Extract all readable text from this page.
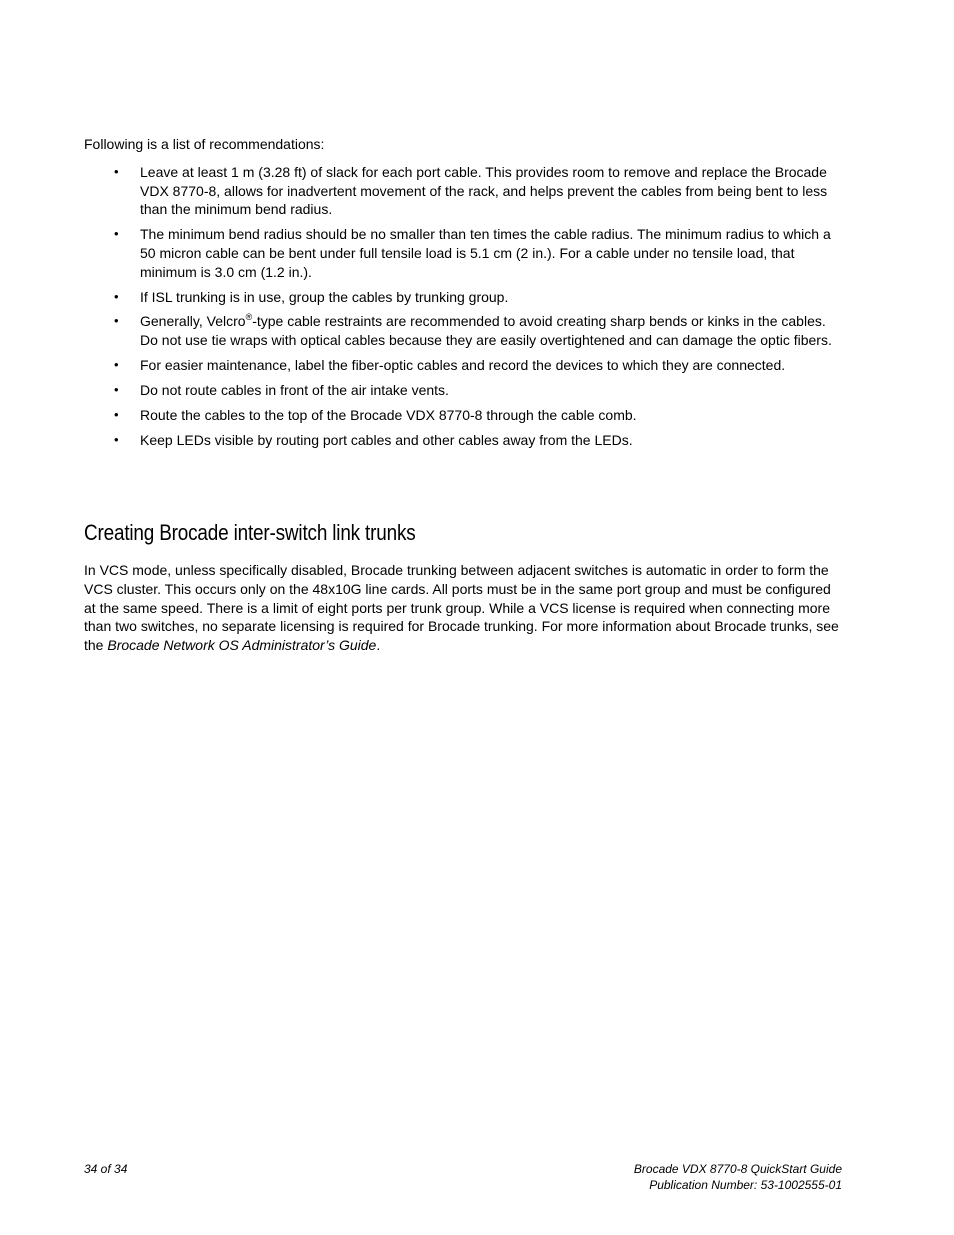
Following is a list of recommendations:

• Leave at least 1 m (3.28 ft) of slack for each port cable. This provides room to remove and replace the Brocade VDX 8770-8, allows for inadvertent movement of the rack, and helps prevent the cables from being bent to less than the minimum bend radius.
• The minimum bend radius should be no smaller than ten times the cable radius. The minimum radius to which a 50 micron cable can be bent under full tensile load is 5.1 cm (2 in.). For a cable under no tensile load, that minimum is 3.0 cm (1.2 in.).
• If ISL trunking is in use, group the cables by trunking group.
• Generally, Velcro®-type cable restraints are recommended to avoid creating sharp bends or kinks in the cables. Do not use tie wraps with optical cables because they are easily overtightened and can damage the optic fibers.
• For easier maintenance, label the fiber-optic cables and record the devices to which they are connected.
• Do not route cables in front of the air intake vents.
• Route the cables to the top of the Brocade VDX 8770-8 through the cable comb.
• Keep LEDs visible by routing port cables and other cables away from the LEDs.
Creating Brocade inter-switch link trunks

In VCS mode, unless specifically disabled, Brocade trunking between adjacent switches is automatic in order to form the VCS cluster. This occurs only on the 48x10G line cards. All ports must be in the same port group and must be configured at the same speed. There is a limit of eight ports per trunk group. While a VCS license is required when connecting more than two switches, no separate licensing is required for Brocade trunking. For more information about Brocade trunks, see the Brocade Network OS Administrator’s Guide.

34 of 34	Brocade VDX 8770-8 QuickStart Guide
Publication Number: 53-1002555-01
